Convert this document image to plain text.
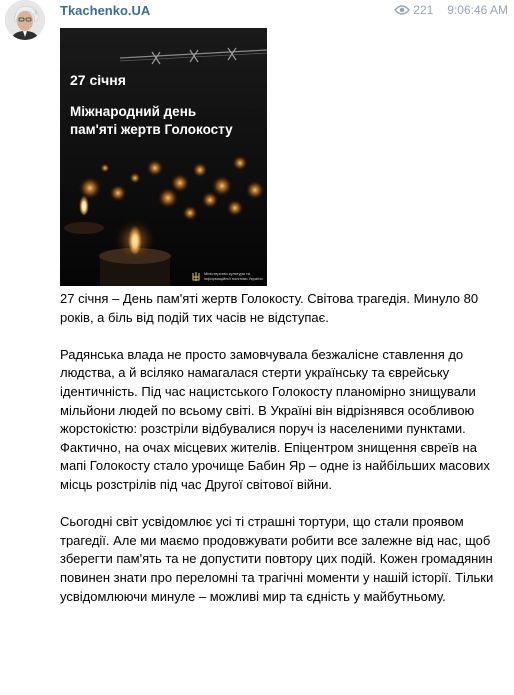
Tkachenko.UA	221 9:06:46 AM
27 січня
Міжнародний день
пам'яті жертв Голокосту
Міністерство культури та інформаційної політики України

27 січня – День пам'яті жертв Голокосту. Світова трагедія. Минуло 80 років, а біль від подій тих часів не відступає.

Радянська влада не просто замовчувала безжалісне ставлення до людства, а й всіляко намагалася стерти українську та єврейську ідентичність. Під час нацистського Голокосту планомірно знищували мільйони людей по всьому світі. В Україні він відрізнявся особливою жорстокістю: розстріли відбувалися поруч із населеними пунктами. Фактично, на очах місцевих жителів. Епіцентром знищення євреїв на мапі Голокосту стало урочище Бабин Яр – одне із найбільших масових місць розстрілів під час Другої світової війни.

Сьогодні світ усвідомлює усі ті страшні тортури, що стали проявом трагедії. Але ми маємо продовжувати робити все залежне від нас, щоб зберегти пам'ять та не допустити повтору цих подій. Кожен громадянин повинен знати про переломні та трагічні моменти у нашій історії. Тільки усвідомлюючи минуле – можливі мир та єдність у майбутньому.
